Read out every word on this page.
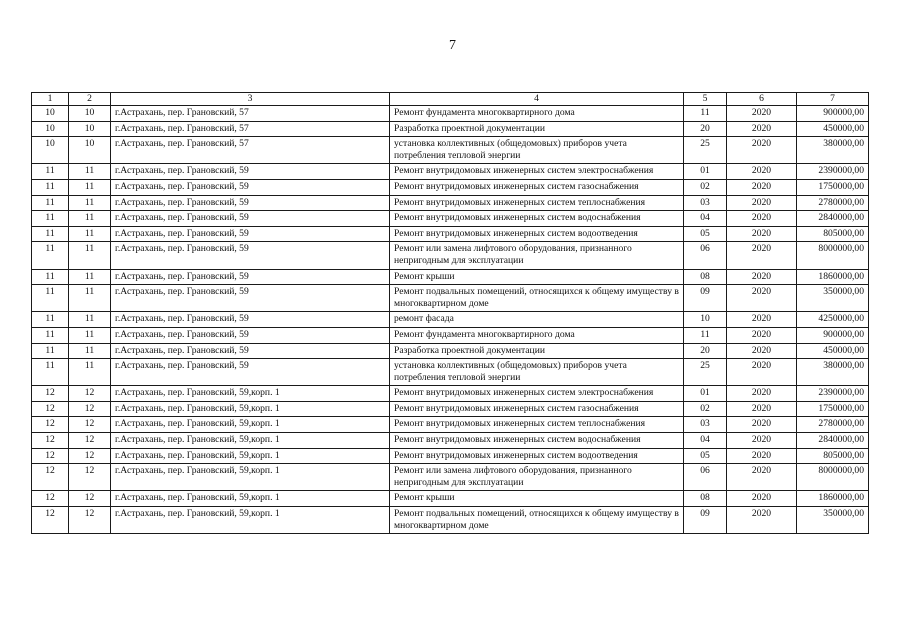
7
1	2	3	4	5	6	7
10	10	г.Астрахань, пер. Грановский, 57	Ремонт фундамента многоквартирного дома	11	2020	900000,00
10	10	г.Астрахань, пер. Грановский, 57	Разработка проектной документации	20	2020	450000,00
10	10	г.Астрахань, пер. Грановский, 57	установка коллективных (общедомовых) приборов учета потребления тепловой энергии	25	2020	380000,00
11	11	г.Астрахань, пер. Грановский, 59	Ремонт внутридомовых инженерных систем электроснабжения	01	2020	2390000,00
11	11	г.Астрахань, пер. Грановский, 59	Ремонт внутридомовых инженерных систем газоснабжения	02	2020	1750000,00
11	11	г.Астрахань, пер. Грановский, 59	Ремонт внутридомовых инженерных систем теплоснабжения	03	2020	2780000,00
11	11	г.Астрахань, пер. Грановский, 59	Ремонт внутридомовых инженерных систем водоснабжения	04	2020	2840000,00
11	11	г.Астрахань, пер. Грановский, 59	Ремонт внутридомовых инженерных систем водоотведения	05	2020	805000,00
11	11	г.Астрахань, пер. Грановский, 59	Ремонт или замена лифтового оборудования, признанного непригодным для эксплуатации	06	2020	8000000,00
11	11	г.Астрахань, пер. Грановский, 59	Ремонт крыши	08	2020	1860000,00
11	11	г.Астрахань, пер. Грановский, 59	Ремонт подвальных помещений, относящихся к общему имуществу в многоквартирном доме	09	2020	350000,00
11	11	г.Астрахань, пер. Грановский, 59	ремонт фасада	10	2020	4250000,00
11	11	г.Астрахань, пер. Грановский, 59	Ремонт фундамента многоквартирного дома	11	2020	900000,00
11	11	г.Астрахань, пер. Грановский, 59	Разработка проектной документации	20	2020	450000,00
11	11	г.Астрахань, пер. Грановский, 59	установка коллективных (общедомовых) приборов учета потребления тепловой энергии	25	2020	380000,00
12	12	г.Астрахань, пер. Грановский, 59,корп. 1	Ремонт внутридомовых инженерных систем электроснабжения	01	2020	2390000,00
12	12	г.Астрахань, пер. Грановский, 59,корп. 1	Ремонт внутридомовых инженерных систем газоснабжения	02	2020	1750000,00
12	12	г.Астрахань, пер. Грановский, 59,корп. 1	Ремонт внутридомовых инженерных систем теплоснабжения	03	2020	2780000,00
12	12	г.Астрахань, пер. Грановский, 59,корп. 1	Ремонт внутридомовых инженерных систем водоснабжения	04	2020	2840000,00
12	12	г.Астрахань, пер. Грановский, 59,корп. 1	Ремонт внутридомовых инженерных систем водоотведения	05	2020	805000,00
12	12	г.Астрахань, пер. Грановский, 59,корп. 1	Ремонт или замена лифтового оборудования, признанного непригодным для эксплуатации	06	2020	8000000,00
12	12	г.Астрахань, пер. Грановский, 59,корп. 1	Ремонт крыши	08	2020	1860000,00
12	12	г.Астрахань, пер. Грановский, 59,корп. 1	Ремонт подвальных помещений, относящихся к общему имуществу в многоквартирном доме	09	2020	350000,00
